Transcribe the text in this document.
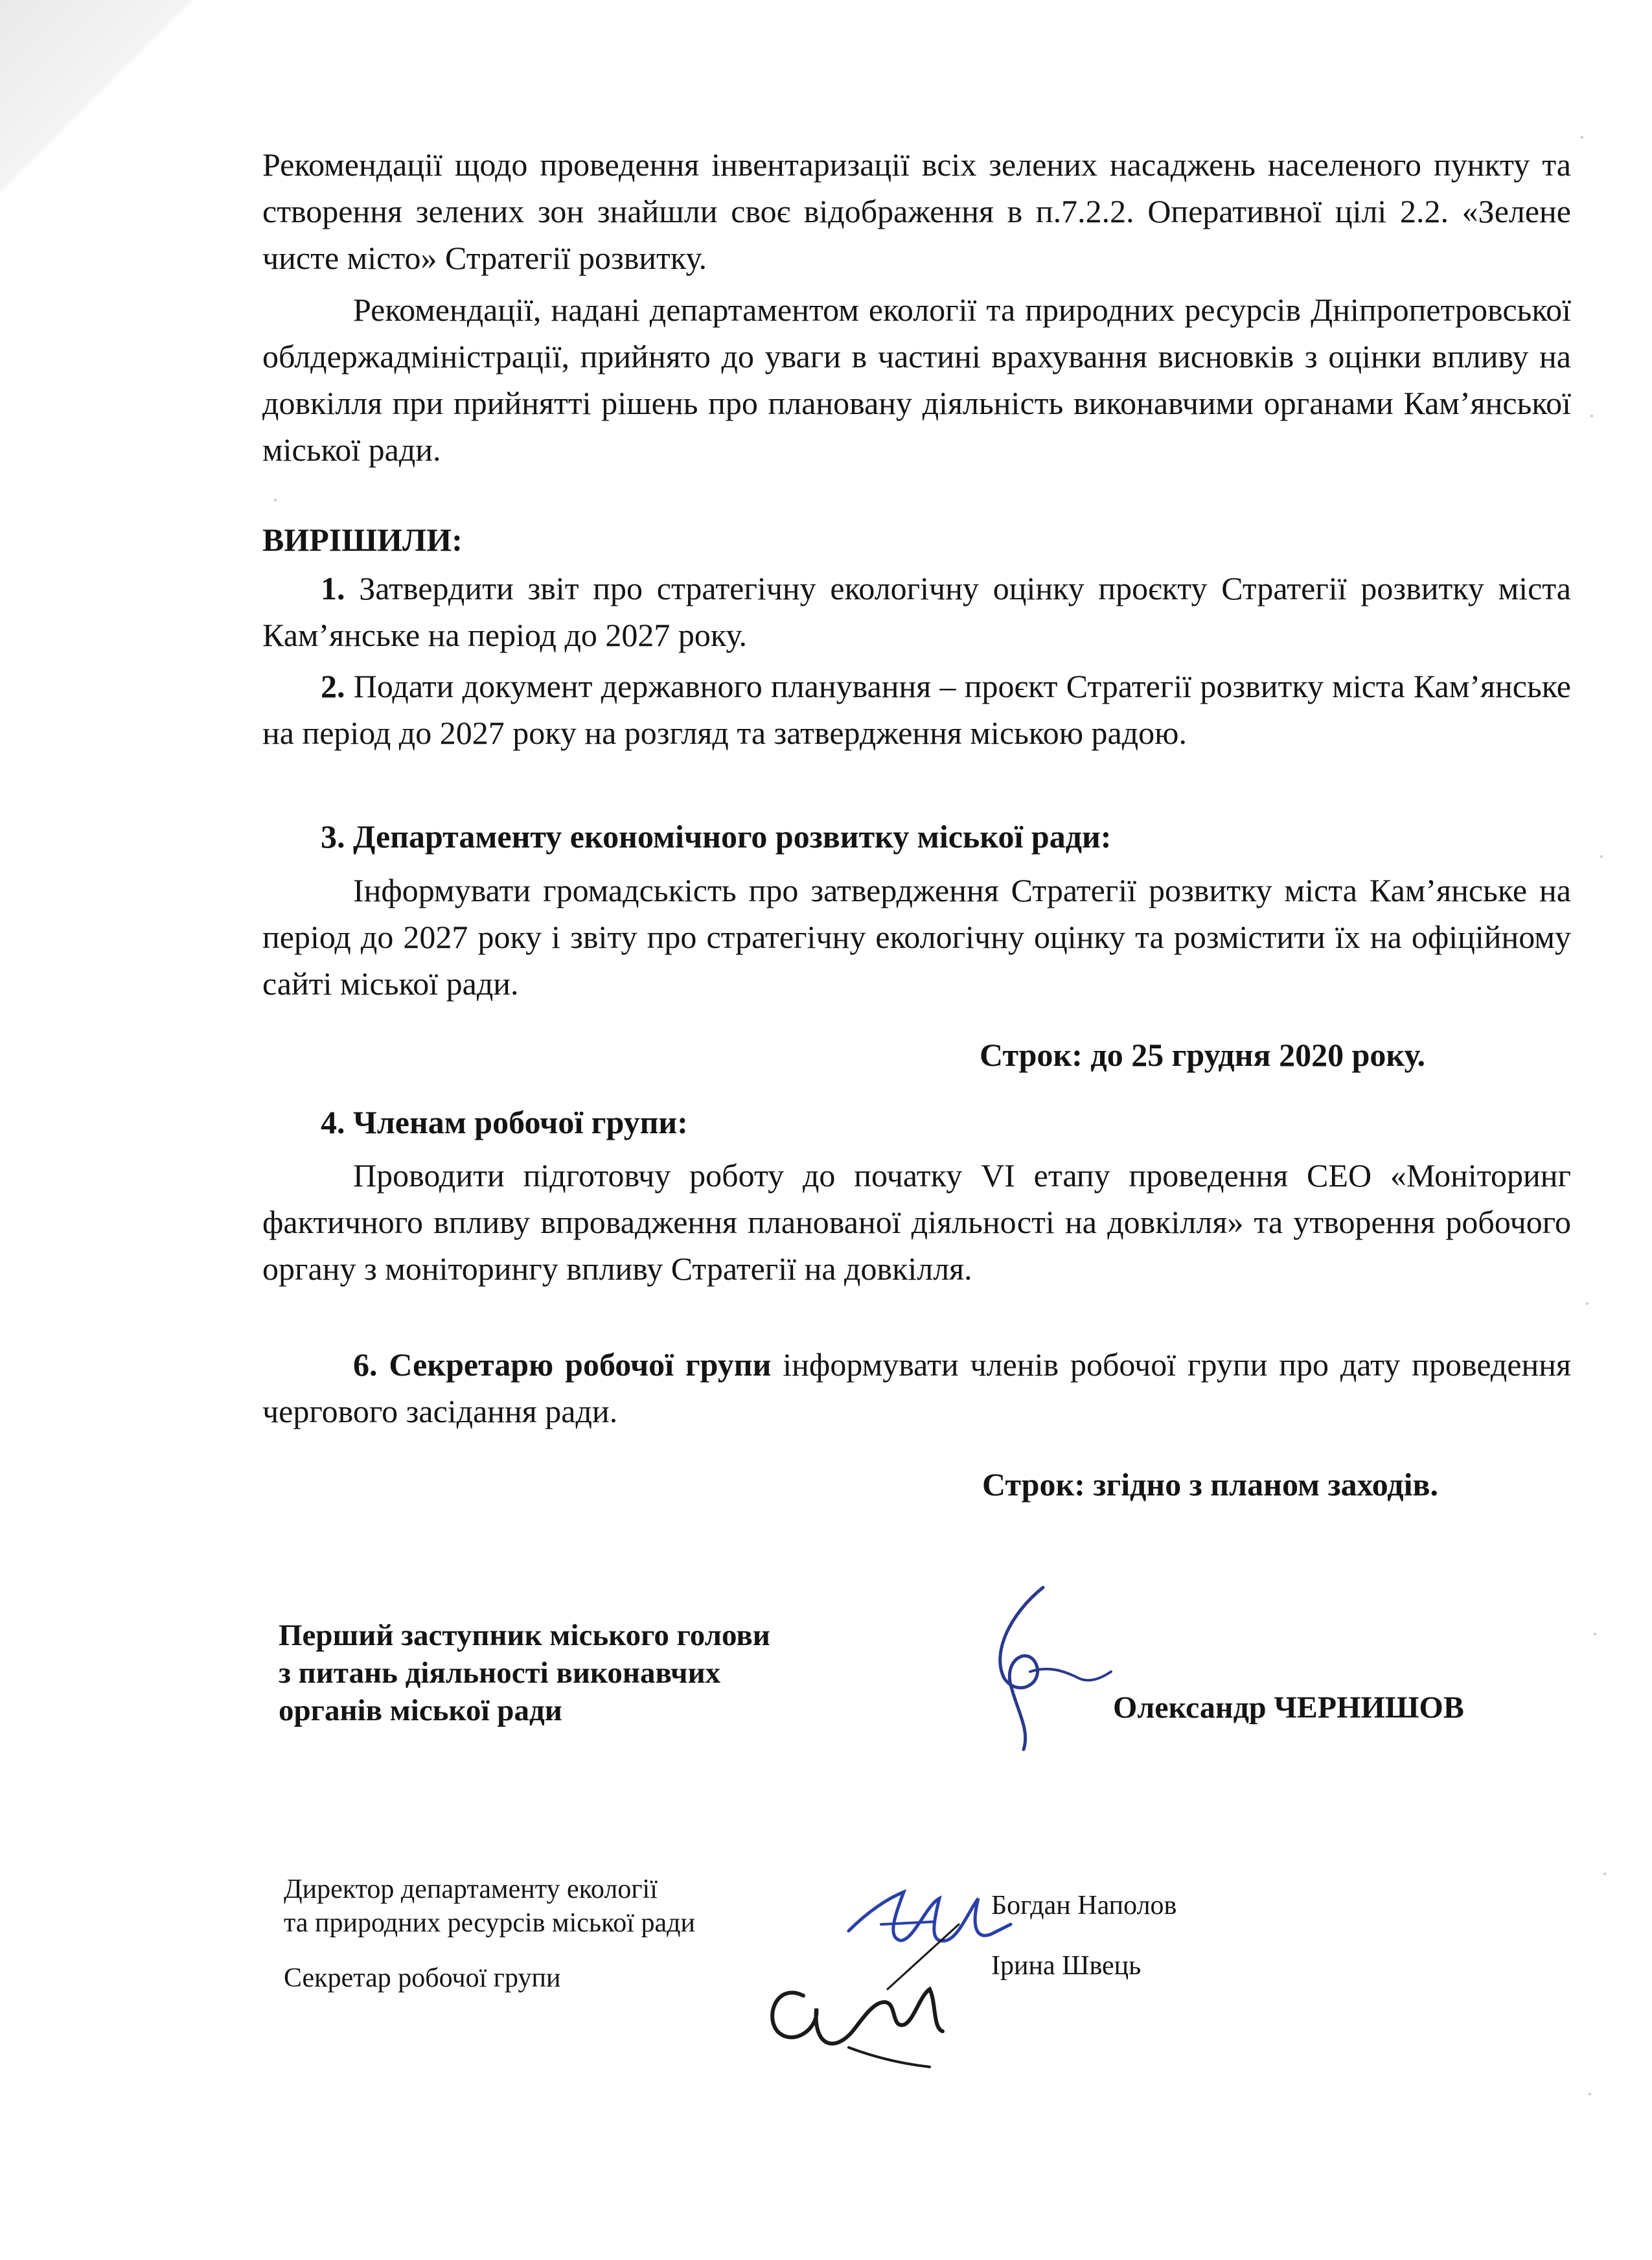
Рекомендації щодо проведення інвентаризації всіх зелених насаджень населеного пункту та створення зелених зон знайшли своє відображення в п.7.2.2. Оперативної цілі 2.2. «Зелене чисте місто» Стратегії розвитку.

Рекомендації, надані департаментом екології та природних ресурсів Дніпропетровської облдержадміністрації, прийнято до уваги в частині врахування висновків з оцінки впливу на довкілля при прийнятті рішень про плановану діяльність виконавчими органами Кам’янської міської ради.

ВИРІШИЛИ:

1. Затвердити звіт про стратегічну екологічну оцінку проєкту Стратегії розвитку міста Кам’янське на період до 2027 року.

2. Подати документ державного планування – проєкт Стратегії розвитку міста Кам’янське на період до 2027 року на розгляд та затвердження міською радою.

3. Департаменту економічного розвитку міської ради:

Інформувати громадськість про затвердження Стратегії розвитку міста Кам’янське на період до 2027 року і звіту про стратегічну екологічну оцінку та розмістити їх на офіційному сайті міської ради.

Строк: до 25 грудня 2020 року.

4. Членам робочої групи:

Проводити підготовчу роботу до початку VI етапу проведення СЕО «Моніторинг фактичного впливу впровадження планованої діяльності на довкілля» та утворення робочого органу з моніторингу впливу Стратегії на довкілля.

6. Секретарю робочої групи інформувати членів робочої групи про дату проведення чергового засідання ради.

Строк: згідно з планом заходів.

Перший заступник міського голови
з питань діяльності виконавчих
органів міської ради	Олександр ЧЕРНИШОВ

Директор департаменту екології
та природних ресурсів міської ради

Богдан Наполов

Секретар робочої групи	Ірина Швець
